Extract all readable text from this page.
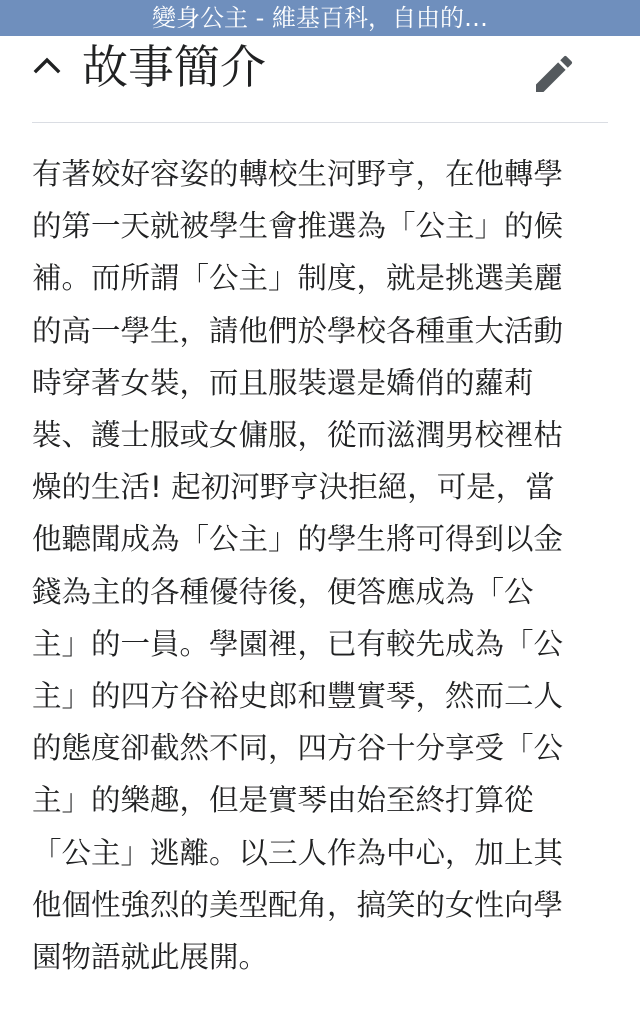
變身公主 - 維基百科，自由的…
故事簡介
有著姣好容姿的轉校生河野亨，在他轉學
的第一天就被學生會推選為「公主」的候
補。而所謂「公主」制度，就是挑選美麗
的高一學生，請他們於學校各種重大活動
時穿著女裝，而且服裝還是嬌俏的蘿莉
裝、護士服或女傭服，從而滋潤男校裡枯
燥的生活! 起初河野亨決拒絕，可是，當
他聽聞成為「公主」的學生將可得到以金
錢為主的各種優待後，便答應成為「公
主」的一員。學園裡，已有較先成為「公
主」的四方谷裕史郎和豐實琴，然而二人
的態度卻截然不同，四方谷十分享受「公
主」的樂趣，但是實琴由始至終打算從
「公主」逃離。以三人作為中心，加上其
他個性強烈的美型配角，搞笑的女性向學
園物語就此展開。
